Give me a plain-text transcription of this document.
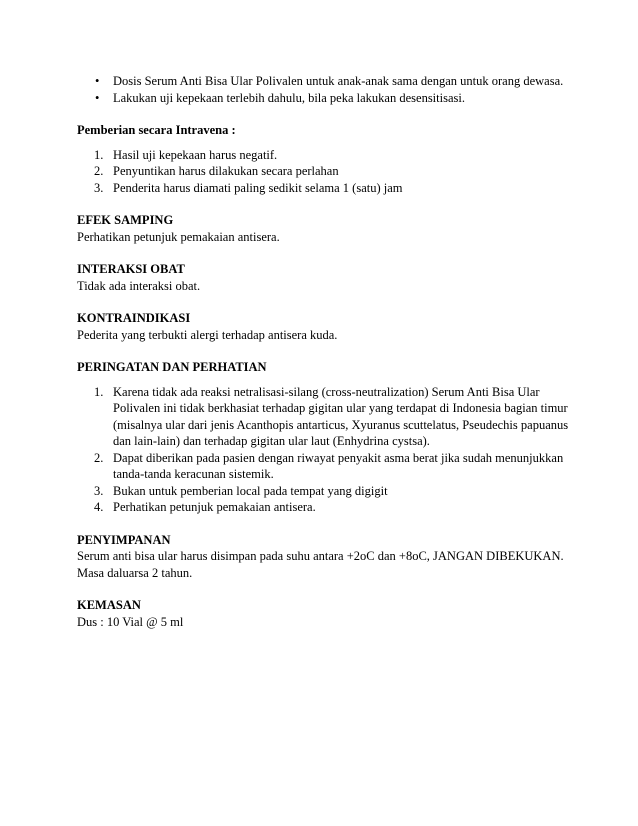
• Dosis Serum Anti Bisa Ular Polivalen untuk anak-anak sama dengan untuk orang dewasa.
• Lakukan uji kepekaan terlebih dahulu, bila peka lakukan desensitisasi.

Pemberian secara Intravena :

1. Hasil uji kepekaan harus negatif.
2. Penyuntikan harus dilakukan secara perlahan
3. Penderita harus diamati paling sedikit selama 1 (satu) jam

EFEK SAMPING

Perhatikan petunjuk pemakaian antisera.

INTERAKSI OBAT

Tidak ada interaksi obat.

KONTRAINDIKASI

Pederita yang terbukti alergi terhadap antisera kuda.

PERINGATAN DAN PERHATIAN

1. Karena tidak ada reaksi netralisasi-silang (cross-neutralization) Serum Anti Bisa Ular Polivalen ini tidak berkhasiat terhadap gigitan ular yang terdapat di Indonesia bagian timur (misalnya ular dari jenis Acanthopis antarticus, Xyuranus scuttelatus, Pseudechis papuanus dan lain-lain) dan terhadap gigitan ular laut (Enhydrina cystsa).
2. Dapat diberikan pada pasien dengan riwayat penyakit asma berat jika sudah menunjukkan tanda-tanda keracunan sistemik.
3. Bukan untuk pemberian local pada tempat yang digigit
4. Perhatikan petunjuk pemakaian antisera.

PENYIMPANAN

Serum anti bisa ular harus disimpan pada suhu antara +2oC dan +8oC, JANGAN DIBEKUKAN.

Masa daluarsa 2 tahun.

KEMASAN

Dus : 10 Vial @ 5 ml
